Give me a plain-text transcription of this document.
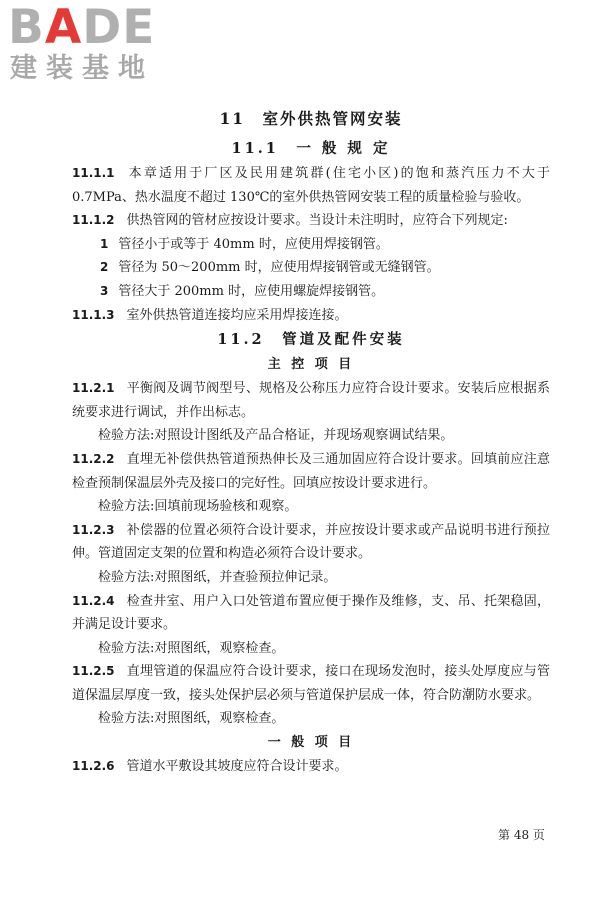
BADE
建装基地
11　室外供热管网安装
11.1　一 般 规 定

11.1.1 本章适用于厂区及民用建筑群(住宅小区)的饱和蒸汽压力不大于 0.7MPa、热水温度不超过 130℃的室外供热管网安装工程的质量检验与验收。

11.1.2 供热管网的管材应按设计要求。当设计未注明时，应符合下列规定:

1 管径小于或等于 40mm 时，应使用焊接钢管。

2 管径为 50～200mm 时，应使用焊接钢管或无缝钢管。

3 管径大于 200mm 时，应使用螺旋焊接钢管。

11.1.3 室外供热管道连接均应采用焊接连接。

11.2　管道及配件安装
主 控 项 目

11.2.1 平衡阀及调节阀型号、规格及公称压力应符合设计要求。安装后应根据系统要求进行调试，并作出标志。

检验方法:对照设计图纸及产品合格证，并现场观察调试结果。

11.2.2 直埋无补偿供热管道预热伸长及三通加固应符合设计要求。回填前应注意检查预制保温层外壳及接口的完好性。回填应按设计要求进行。

检验方法:回填前现场验核和观察。

11.2.3 补偿器的位置必须符合设计要求，并应按设计要求或产品说明书进行预拉伸。管道固定支架的位置和构造必须符合设计要求。

检验方法:对照图纸，并查验预拉伸记录。

11.2.4 检查井室、用户入口处管道布置应便于操作及维修，支、吊、托架稳固，并满足设计要求。

检验方法:对照图纸，观察检查。

11.2.5 直埋管道的保温应符合设计要求，接口在现场发泡时，接头处厚度应与管道保温层厚度一致，接头处保护层必须与管道保护层成一体，符合防潮防水要求。

检验方法:对照图纸，观察检查。

一 般 项 目

11.2.6 管道水平敷设其坡度应符合设计要求。

第 48 页
